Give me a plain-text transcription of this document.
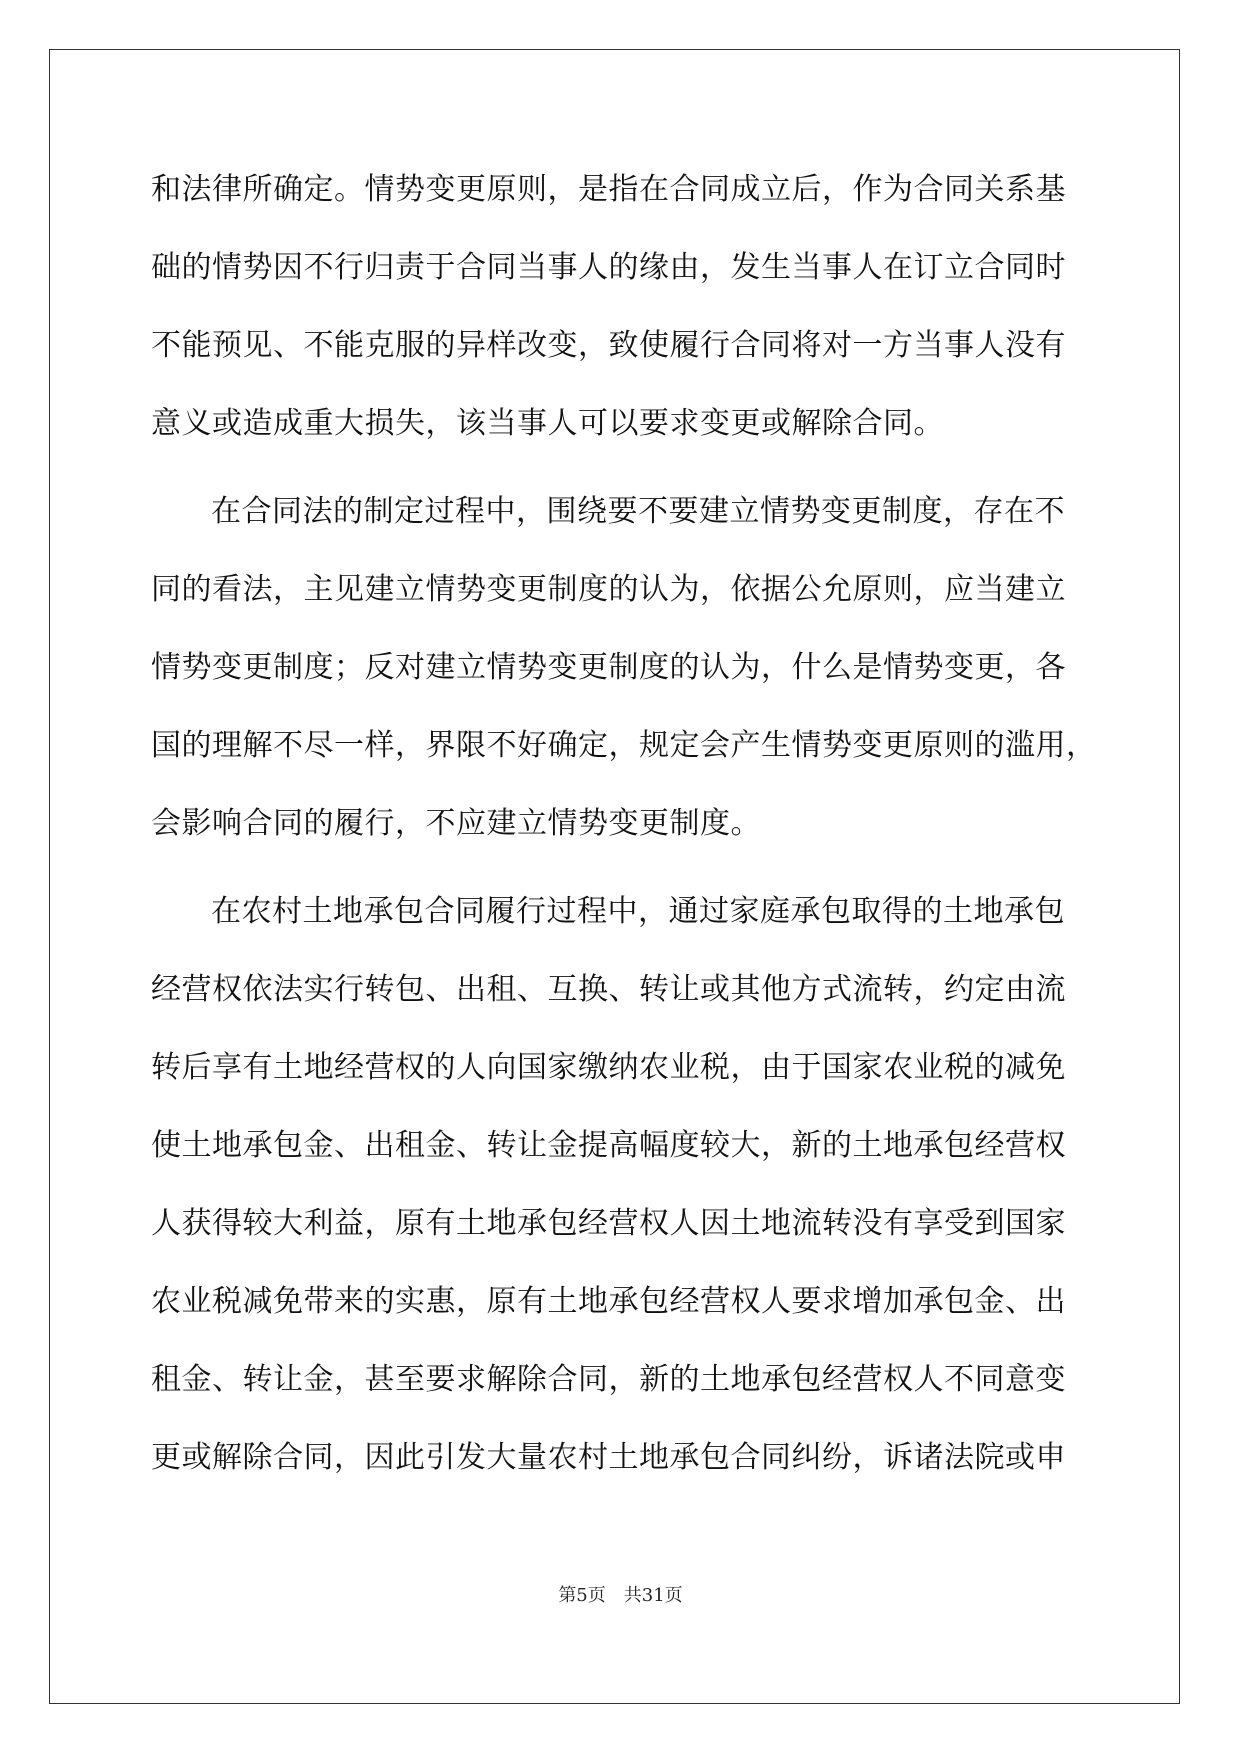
和法律所确定。情势变更原则，是指在合同成立后，作为合同关系基
础的情势因不行归责于合同当事人的缘由，发生当事人在订立合同时
不能预见、不能克服的异样改变，致使履行合同将对一方当事人没有
意义或造成重大损失，该当事人可以要求变更或解除合同。
在合同法的制定过程中，围绕要不要建立情势变更制度，存在不
同的看法，主见建立情势变更制度的认为，依据公允原则，应当建立
情势变更制度；反对建立情势变更制度的认为，什么是情势变更，各
国的理解不尽一样，界限不好确定，规定会产生情势变更原则的滥用，
会影响合同的履行，不应建立情势变更制度。
在农村土地承包合同履行过程中，通过家庭承包取得的土地承包
经营权依法实行转包、出租、互换、转让或其他方式流转，约定由流
转后享有土地经营权的人向国家缴纳农业税，由于国家农业税的减免
使土地承包金、出租金、转让金提高幅度较大，新的土地承包经营权
人获得较大利益，原有土地承包经营权人因土地流转没有享受到国家
农业税减免带来的实惠，原有土地承包经营权人要求增加承包金、出
租金、转让金，甚至要求解除合同，新的土地承包经营权人不同意变
更或解除合同，因此引发大量农村土地承包合同纠纷，诉诸法院或申
第5页 共31页
